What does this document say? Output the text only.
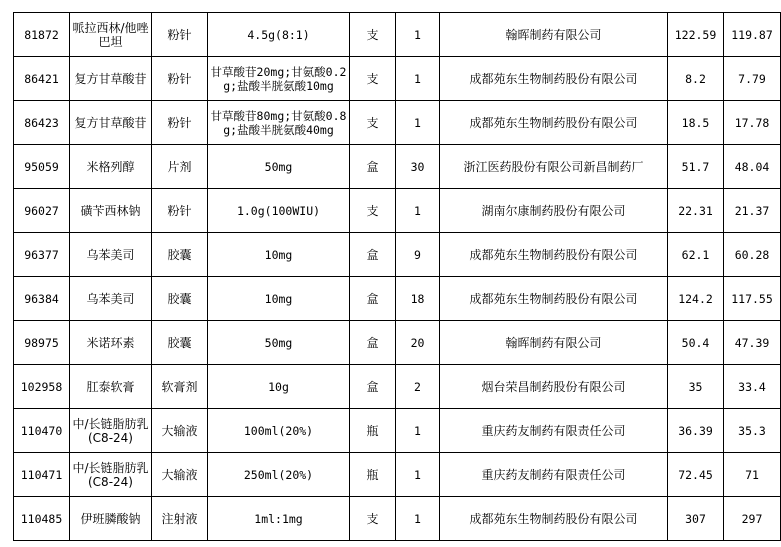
81872	哌拉西林/他唑巴坦	粉针	4.5g(8:1)	支	1	翰晖制药有限公司	122.59	119.87
86421	复方甘草酸苷	粉针	甘草酸苷20mg;甘氨酸0.2g;盐酸半胱氨酸10mg	支	1	成都苑东生物制药股份有限公司	8.2	7.79
86423	复方甘草酸苷	粉针	甘草酸苷80mg;甘氨酸0.8g;盐酸半胱氨酸40mg	支	1	成都苑东生物制药股份有限公司	18.5	17.78
95059	米格列醇	片剂	50mg	盒	30	浙江医药股份有限公司新昌制药厂	51.7	48.04
96027	磺苄西林钠	粉针	1.0g(100WIU)	支	1	湖南尔康制药股份有限公司	22.31	21.37
96377	乌苯美司	胶囊	10mg	盒	9	成都苑东生物制药股份有限公司	62.1	60.28
96384	乌苯美司	胶囊	10mg	盒	18	成都苑东生物制药股份有限公司	124.2	117.55
98975	米诺环素	胶囊	50mg	盒	20	翰晖制药有限公司	50.4	47.39
102958	肛泰软膏	软膏剂	10g	盒	2	烟台荣昌制药股份有限公司	35	33.4
110470	中/长链脂肪乳(C8-24)	大输液	100ml(20%)	瓶	1	重庆药友制药有限责任公司	36.39	35.3
110471	中/长链脂肪乳(C8-24)	大输液	250ml(20%)	瓶	1	重庆药友制药有限责任公司	72.45	71
110485	伊班膦酸钠	注射液	1ml:1mg	支	1	成都苑东生物制药股份有限公司	307	297
